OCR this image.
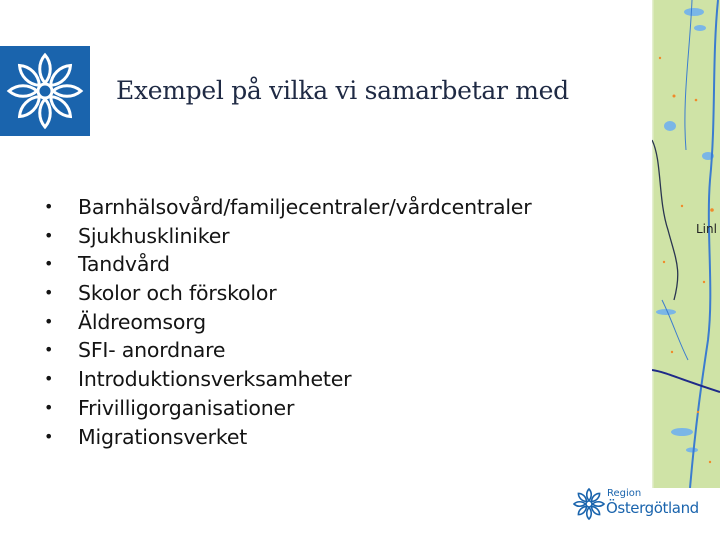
Exempel på vilka vi samarbetar med
• Barnhälsovård/familjecentraler/vårdcentraler
• Sjukhuskliniker
• Tandvård
• Skolor och förskolor
• Äldreomsorg
• SFI- anordnare
• Introduktionsverksamheter
• Frivilligorganisationer
• Migrationsverket
Linl
Region
Östergötland
